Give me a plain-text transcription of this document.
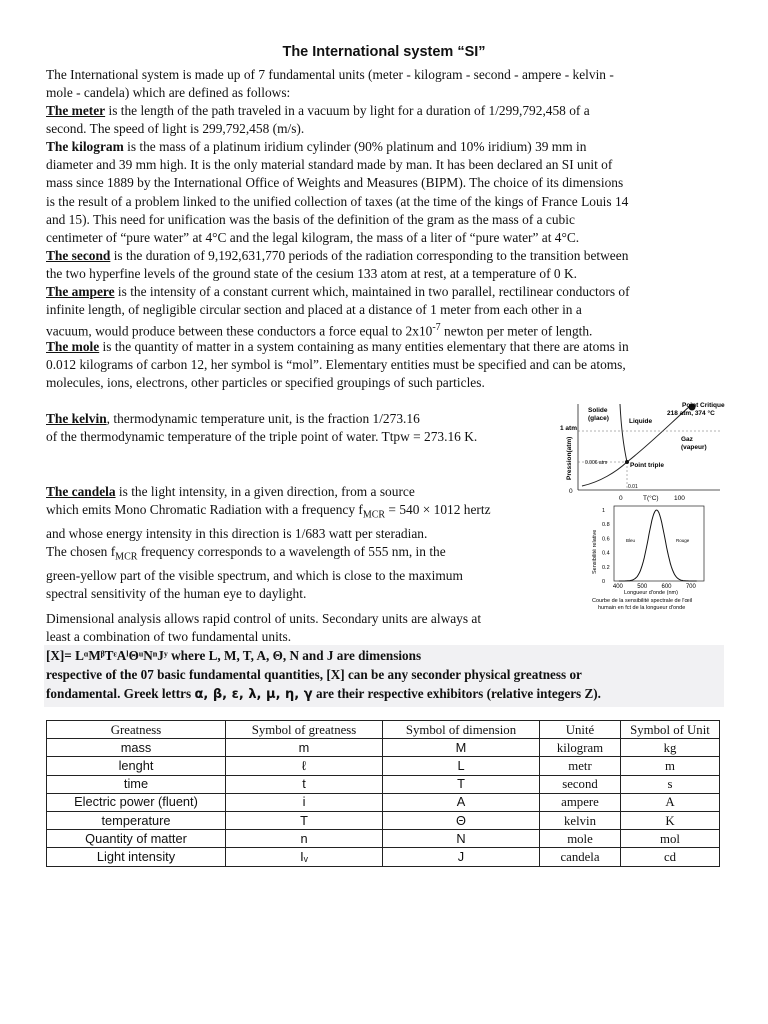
The International system “SI”
The International system is made up of 7 fundamental units (meter - kilogram - second - ampere - kelvin -
mole - candela) which are defined as follows:
The meter is the length of the path traveled in a vacuum by light for a duration of 1/299,792,458 of a
second. The speed of light is 299,792,458 (m/s).
The kilogram is the mass of a platinum iridium cylinder (90% platinum and 10% iridium) 39 mm in
diameter and 39 mm high. It is the only material standard made by man. It has been declared an SI unit of
mass since 1889 by the International Office of Weights and Measures (BIPM). The choice of its dimensions
is the result of a problem linked to the unified collection of taxes (at the time of the kings of France Louis 14
and 15). This need for unification was the basis of the definition of the gram as the mass of a cubic
centimeter of “pure water” at 4°C and the legal kilogram, the mass of a liter of “pure water” at 4°C.
The second is the duration of 9,192,631,770 periods of the radiation corresponding to the transition between
the two hyperfine levels of the ground state of the cesium 133 atom at rest, at a temperature of 0 K.
The ampere is the intensity of a constant current which, maintained in two parallel, rectilinear conductors of
infinite length, of negligible circular section and placed at a distance of 1 meter from each other in a
vacuum, would produce between these conductors a force equal to $2x10^{-7}$ newton per meter of length.
The mole is the quantity of matter in a system containing as many entities elementary that there are atoms in
0.012 kilograms of carbon 12, her symbol is “mol”. Elementary entities must be specified and can be atoms,
molecules, ions, electrons, other particles or specified groupings of such particles.
The kelvin, thermodynamic temperature unit, is the fraction 1/273.16
of the thermodynamic temperature of the triple point of water. Ttpw = 273.16 K.
The candela is the light intensity, in a given direction, from a source
which emits Mono Chromatic Radiation with a frequency $f_{MCR} = 540 \times 1012$ hertz
and whose energy intensity in this direction is 1/683 watt per steradian.
The chosen $f_{MCR}$ frequency corresponds to a wavelength of 555 nm, in the
green-yellow part of the visible spectrum, and which is close to the maximum
spectral sensitivity of the human eye to daylight.
Dimensional analysis allows rapid control of units. Secondary units are always at
least a combination of two fundamental units.
[X]= LᵅMᵝTᵋAˡΘᵘNⁿJʸ where L, M, T, A, Θ, N and J are dimensions
respective of the 07 basic fundamental quantities, [X] can be any seconder physical greatness or
fondamental. Greek lettrs α, β, ε, λ, μ, η, γ are their respective exhibitors (relative integers Z).
Point Critique
218 atm, 374 °C
Solide
(glace)	Liquide
Gaz
(vapeur)
1 atm
Pression(atm) 0.006 atm	Point triple
0.01
0
0	T(°C) 100
1
0.8
0.6
0.4
0.2
0
400 500 600 700
Sensibilité relative	Bleu	Rouge
Longueur d'onde (nm)
Courbe de la sensibilité spectrale de l'œil
humain en fct de la longueur d'onde
Greatness	Symbol of greatness	Symbol of dimension	Unité	Symbol of Unit
mass	m	M	kilogram	kg
lenght	ℓ	L	metr	m
time	t	T	second	s
Electric power (fluent)	i	A	ampere	A
temperature	T	Θ	kelvin	K
Quantity of matter	n	N	mole	mol
Light intensity	Iᵥ	J	candela	cd
